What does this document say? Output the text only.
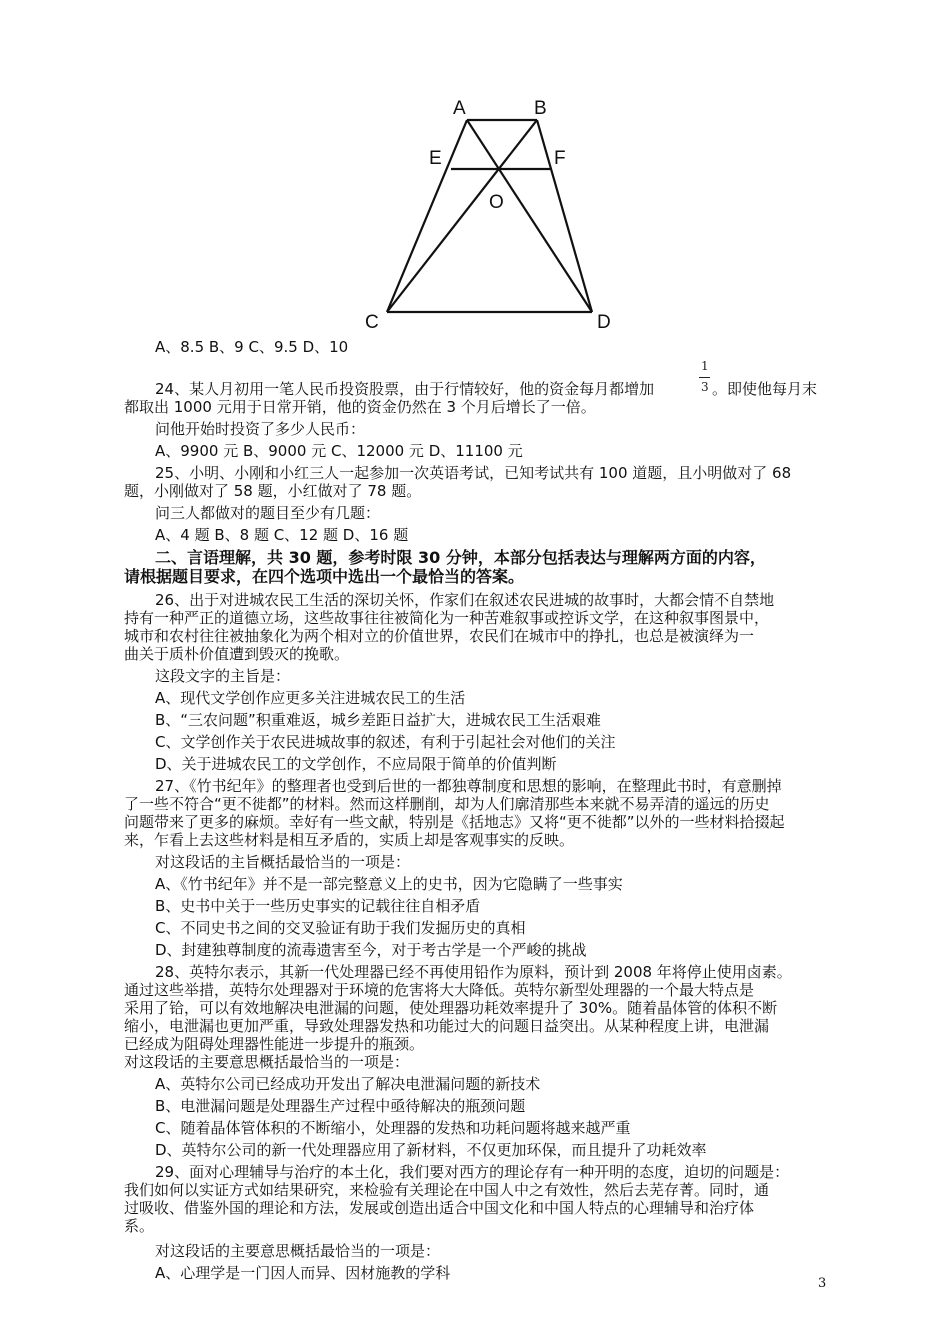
A	B
E	F
O
C	D
A、8.5 B、9 C、9.5 D、10
1
3
24、某人月初用一笔人民币投资股票，由于行情较好，他的资金每月都增加	。即使他每月末
都取出 1000 元用于日常开销，他的资金仍然在 3 个月后增长了一倍。
问他开始时投资了多少人民币：
A、9900 元 B、9000 元 C、12000 元 D、11100 元
25、小明、小刚和小红三人一起参加一次英语考试，已知考试共有 100 道题，且小明做对了 68
题，小刚做对了 58 题，小红做对了 78 题。
问三人都做对的题目至少有几题：
A、4 题 B、8 题 C、12 题 D、16 题
二、言语理解，共 30 题，参考时限 30 分钟，本部分包括表达与理解两方面的内容，
请根据题目要求，在四个选项中选出一个最恰当的答案。
26、出于对进城农民工生活的深切关怀，作家们在叙述农民进城的故事时，大都会情不自禁地
持有一种严正的道德立场，这些故事往往被简化为一种苦难叙事或控诉文学，在这种叙事图景中，
城市和农村往往被抽象化为两个相对立的价值世界，农民们在城市中的挣扎，也总是被演绎为一
曲关于质朴价值遭到毁灭的挽歌。
这段文字的主旨是：
A、现代文学创作应更多关注进城农民工的生活
B、“三农问题”积重难返，城乡差距日益扩大，进城农民工生活艰难
C、文学创作关于农民进城故事的叙述，有利于引起社会对他们的关注
D、关于进城农民工的文学创作，不应局限于简单的价值判断
27、《竹书纪年》的整理者也受到后世的一都独尊制度和思想的影响，在整理此书时，有意删掉
了一些不符合“更不徙都”的材料。然而这样删削，却为人们廓清那些本来就不易弄清的遥远的历史
问题带来了更多的麻烦。幸好有一些文献，特别是《括地志》又将“更不徙都”以外的一些材料拾掇起
来，乍看上去这些材料是相互矛盾的，实质上却是客观事实的反映。
对这段话的主旨概括最恰当的一项是：
A、《竹书纪年》并不是一部完整意义上的史书，因为它隐瞒了一些事实
B、史书中关于一些历史事实的记载往往自相矛盾
C、不同史书之间的交叉验证有助于我们发掘历史的真相
D、封建独尊制度的流毒遗害至今，对于考古学是一个严峻的挑战
28、英特尔表示，其新一代处理器已经不再使用铅作为原料，预计到 2008 年将停止使用卤素。
通过这些举措，英特尔处理器对于环境的危害将大大降低。英特尔新型处理器的一个最大特点是
采用了铪，可以有效地解决电泄漏的问题，使处理器功耗效率提升了 30%。随着晶体管的体积不断
缩小，电泄漏也更加严重，导致处理器发热和功能过大的问题日益突出。从某种程度上讲，电泄漏
已经成为阻碍处理器性能进一步提升的瓶颈。
对这段话的主要意思概括最恰当的一项是：
A、英特尔公司已经成功开发出了解决电泄漏问题的新技术
B、电泄漏问题是处理器生产过程中亟待解决的瓶颈问题
C、随着晶体管体积的不断缩小，处理器的发热和功耗问题将越来越严重
D、英特尔公司的新一代处理器应用了新材料，不仅更加环保，而且提升了功耗效率
29、面对心理辅导与治疗的本土化，我们要对西方的理论存有一种开明的态度，迫切的问题是：
我们如何以实证方式如结果研究，来检验有关理论在中国人中之有效性，然后去芜存菁。同时，通
过吸收、借鉴外国的理论和方法，发展或创造出适合中国文化和中国人特点的心理辅导和治疗体
系。
对这段话的主要意思概括最恰当的一项是：
A、心理学是一门因人而异、因材施教的学科
3
